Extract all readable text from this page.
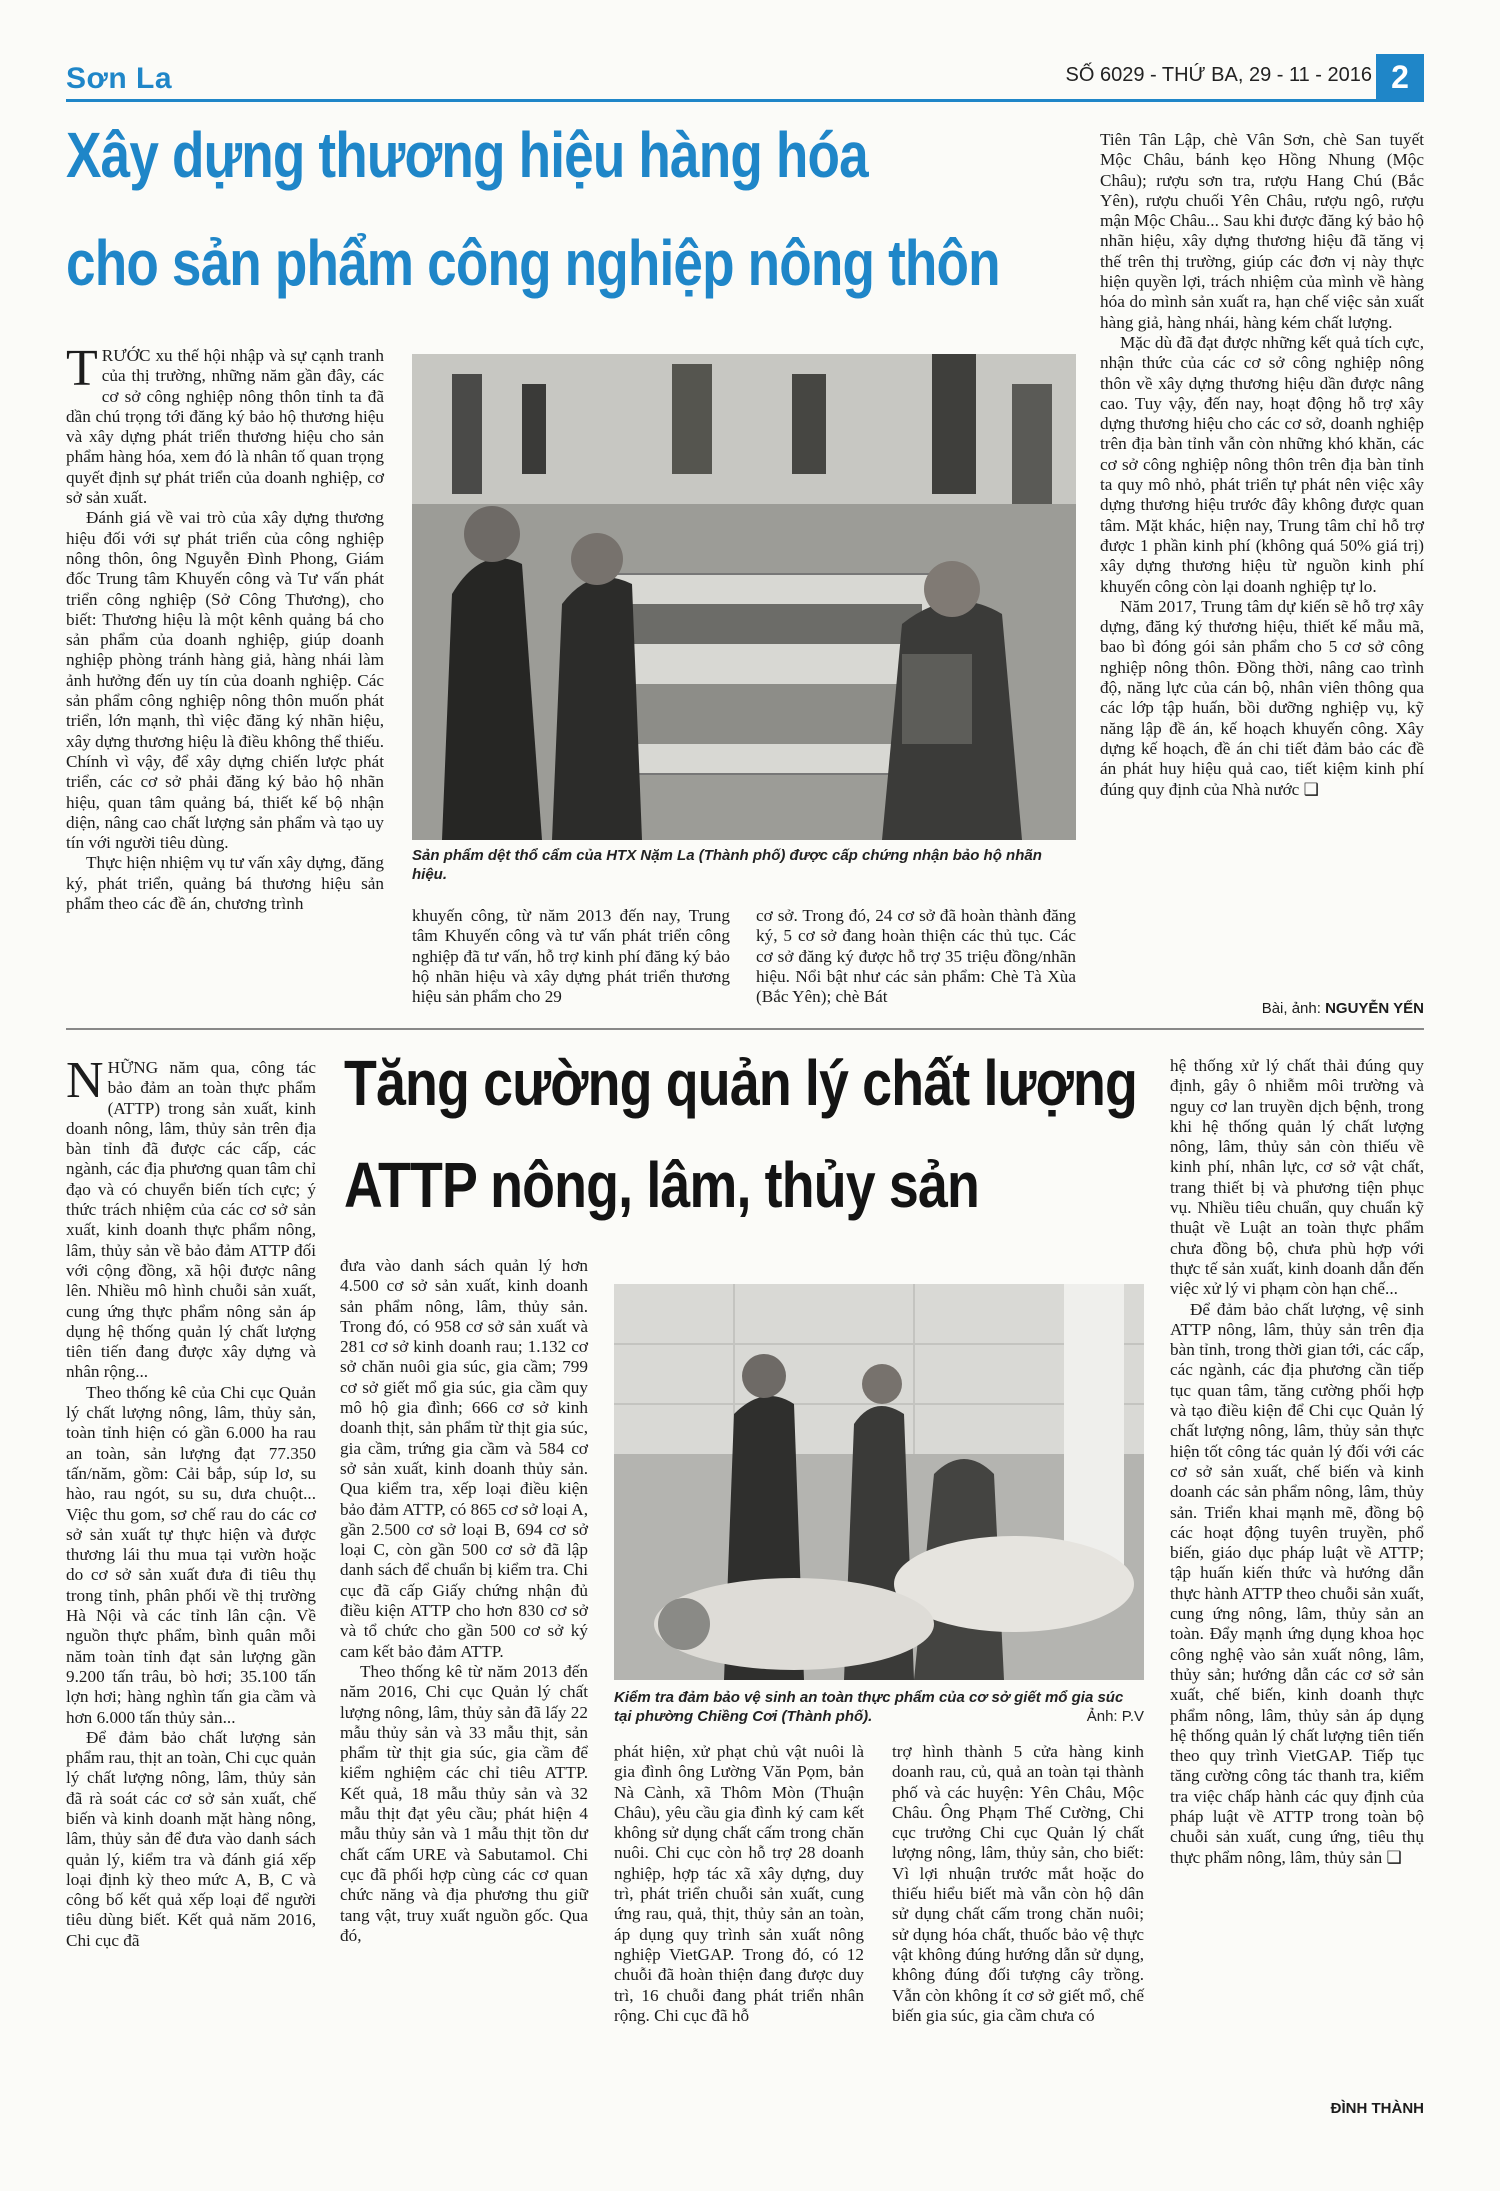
Sơn La	SỐ 6029 - THỨ BA, 29 - 11 - 2016 2
Xây dựng thương hiệu hàng hóa
cho sản phẩm công nghiệp nông thôn

TRƯỚC xu thế hội nhập và sự cạnh tranh của thị trường, những năm gần đây, các cơ sở công nghiệp nông thôn tỉnh ta đã dần chú trọng tới đăng ký bảo hộ thương hiệu và xây dựng phát triển thương hiệu cho sản phẩm hàng hóa, xem đó là nhân tố quan trọng quyết định sự phát triển của doanh nghiệp, cơ sở sản xuất.

Đánh giá về vai trò của xây dựng thương hiệu đối với sự phát triển của công nghiệp nông thôn, ông Nguyễn Đình Phong, Giám đốc Trung tâm Khuyến công và Tư vấn phát triển công nghiệp (Sở Công Thương), cho biết: Thương hiệu là một kênh quảng bá cho sản phẩm của doanh nghiệp, giúp doanh nghiệp phòng tránh hàng giả, hàng nhái làm ảnh hưởng đến uy tín của doanh nghiệp. Các sản phẩm công nghiệp nông thôn muốn phát triển, lớn mạnh, thì việc đăng ký nhãn hiệu, xây dựng thương hiệu là điều không thể thiếu. Chính vì vậy, để xây dựng chiến lược phát triển, các cơ sở phải đăng ký bảo hộ nhãn hiệu, quan tâm quảng bá, thiết kế bộ nhận diện, nâng cao chất lượng sản phẩm và tạo uy tín với người tiêu dùng.

Thực hiện nhiệm vụ tư vấn xây dựng, đăng ký, phát triển, quảng bá thương hiệu sản phẩm theo các đề án, chương trình

Sản phẩm dệt thổ cẩm của HTX Nặm La (Thành phố) được cấp chứng nhận bảo hộ nhãn hiệu.

khuyến công, từ năm 2013 đến nay, Trung tâm Khuyến công và tư vấn phát triển công nghiệp đã tư vấn, hỗ trợ kinh phí đăng ký bảo hộ nhãn hiệu và xây dựng phát triển thương hiệu sản phẩm cho 29

cơ sở. Trong đó, 24 cơ sở đã hoàn thành đăng ký, 5 cơ sở đang hoàn thiện các thủ tục. Các cơ sở đăng ký được hỗ trợ 35 triệu đồng/nhãn hiệu. Nổi bật như các sản phẩm: Chè Tà Xùa (Bắc Yên); chè Bát

Tiên Tân Lập, chè Vân Sơn, chè San tuyết Mộc Châu, bánh kẹo Hồng Nhung (Mộc Châu); rượu sơn tra, rượu Hang Chú (Bắc Yên), rượu chuối Yên Châu, rượu ngô, rượu mận Mộc Châu... Sau khi được đăng ký bảo hộ nhãn hiệu, xây dựng thương hiệu đã tăng vị thế trên thị trường, giúp các đơn vị này thực hiện quyền lợi, trách nhiệm của mình về hàng hóa do mình sản xuất ra, hạn chế việc sản xuất hàng giả, hàng nhái, hàng kém chất lượng.

Mặc dù đã đạt được những kết quả tích cực, nhận thức của các cơ sở công nghiệp nông thôn về xây dựng thương hiệu dần được nâng cao. Tuy vậy, đến nay, hoạt động hỗ trợ xây dựng thương hiệu cho các cơ sở, doanh nghiệp trên địa bàn tỉnh vẫn còn những khó khăn, các cơ sở công nghiệp nông thôn trên địa bàn tỉnh ta quy mô nhỏ, phát triển tự phát nên việc xây dựng thương hiệu trước đây không được quan tâm. Mặt khác, hiện nay, Trung tâm chỉ hỗ trợ được 1 phần kinh phí (không quá 50% giá trị) xây dựng thương hiệu từ nguồn kinh phí khuyến công còn lại doanh nghiệp tự lo.

Năm 2017, Trung tâm dự kiến sẽ hỗ trợ xây dựng, đăng ký thương hiệu, thiết kế mẫu mã, bao bì đóng gói sản phẩm cho 5 cơ sở công nghiệp nông thôn. Đồng thời, nâng cao trình độ, năng lực của cán bộ, nhân viên thông qua các lớp tập huấn, bồi dưỡng nghiệp vụ, kỹ năng lập đề án, kế hoạch khuyến công. Xây dựng kế hoạch, đề án chi tiết đảm bảo các đề án phát huy hiệu quả cao, tiết kiệm kinh phí đúng quy định của Nhà nước ❑

Bài, ảnh: NGUYỄN YẾN
Tăng cường quản lý chất lượng
ATTP nông, lâm, thủy sản

NHỮNG năm qua, công tác bảo đảm an toàn thực phẩm (ATTP) trong sản xuất, kinh doanh nông, lâm, thủy sản trên địa bàn tỉnh đã được các cấp, các ngành, các địa phương quan tâm chỉ đạo và có chuyển biến tích cực; ý thức trách nhiệm của các cơ sở sản xuất, kinh doanh thực phẩm nông, lâm, thủy sản về bảo đảm ATTP đối với cộng đồng, xã hội được nâng lên. Nhiều mô hình chuỗi sản xuất, cung ứng thực phẩm nông sản áp dụng hệ thống quản lý chất lượng tiên tiến đang được xây dựng và nhân rộng...

Theo thống kê của Chi cục Quản lý chất lượng nông, lâm, thủy sản, toàn tỉnh hiện có gần 6.000 ha rau an toàn, sản lượng đạt 77.350 tấn/năm, gồm: Cải bắp, súp lơ, su hào, rau ngót, su su, dưa chuột... Việc thu gom, sơ chế rau do các cơ sở sản xuất tự thực hiện và được thương lái thu mua tại vườn hoặc do cơ sở sản xuất đưa đi tiêu thụ trong tỉnh, phân phối về thị trường Hà Nội và các tỉnh lân cận. Về nguồn thực phẩm, bình quân mỗi năm toàn tỉnh đạt sản lượng gần 9.200 tấn trâu, bò hơi; 35.100 tấn lợn hơi; hàng nghìn tấn gia cầm và hơn 6.000 tấn thủy sản...

Để đảm bảo chất lượng sản phẩm rau, thịt an toàn, Chi cục quản lý chất lượng nông, lâm, thủy sản đã rà soát các cơ sở sản xuất, chế biến và kinh doanh mặt hàng nông, lâm, thủy sản để đưa vào danh sách quản lý, kiểm tra và đánh giá xếp loại định kỳ theo mức A, B, C và công bố kết quả xếp loại để người tiêu dùng biết. Kết quả năm 2016, Chi cục đã

đưa vào danh sách quản lý hơn 4.500 cơ sở sản xuất, kinh doanh sản phẩm nông, lâm, thủy sản. Trong đó, có 958 cơ sở sản xuất và 281 cơ sở kinh doanh rau; 1.132 cơ sở chăn nuôi gia súc, gia cầm; 799 cơ sở giết mổ gia súc, gia cầm quy mô hộ gia đình; 666 cơ sở kinh doanh thịt, sản phẩm từ thịt gia súc, gia cầm, trứng gia cầm và 584 cơ sở sản xuất, kinh doanh thủy sản. Qua kiểm tra, xếp loại điều kiện bảo đảm ATTP, có 865 cơ sở loại A, gần 2.500 cơ sở loại B, 694 cơ sở loại C, còn gần 500 cơ sở đã lập danh sách để chuẩn bị kiểm tra. Chi cục đã cấp Giấy chứng nhận đủ điều kiện ATTP cho hơn 830 cơ sở và tổ chức cho gần 500 cơ sở ký cam kết bảo đảm ATTP.

Theo thống kê từ năm 2013 đến năm 2016, Chi cục Quản lý chất lượng nông, lâm, thủy sản đã lấy 22 mẫu thủy sản và 33 mẫu thịt, sản phẩm từ thịt gia súc, gia cầm để kiểm nghiệm các chỉ tiêu ATTP. Kết quả, 18 mẫu thủy sản và 32 mẫu thịt đạt yêu cầu; phát hiện 4 mẫu thủy sản và 1 mẫu thịt tồn dư chất cấm URE và Sabutamol. Chi cục đã phối hợp cùng các cơ quan chức năng và địa phương thu giữ tang vật, truy xuất nguồn gốc. Qua đó,

Kiểm tra đảm bảo vệ sinh an toàn thực phẩm của cơ sở giết mổ gia súc tại phường Chiềng Cơi (Thành phố).	Ảnh: P.V

phát hiện, xử phạt chủ vật nuôi là gia đình ông Lường Văn Pọm, bản Nà Cành, xã Thôm Mòn (Thuận Châu), yêu cầu gia đình ký cam kết không sử dụng chất cấm trong chăn nuôi. Chi cục còn hỗ trợ 28 doanh nghiệp, hợp tác xã xây dựng, duy trì, phát triển chuỗi sản xuất, cung ứng rau, quả, thịt, thủy sản an toàn, áp dụng quy trình sản xuất nông nghiệp VietGAP. Trong đó, có 12 chuỗi đã hoàn thiện đang được duy trì, 16 chuỗi đang phát triển nhân rộng. Chi cục đã hỗ

trợ hình thành 5 cửa hàng kinh doanh rau, củ, quả an toàn tại thành phố và các huyện: Yên Châu, Mộc Châu. Ông Phạm Thế Cường, Chi cục trưởng Chi cục Quản lý chất lượng nông, lâm, thủy sản, cho biết: Vì lợi nhuận trước mắt hoặc do thiếu hiểu biết mà vẫn còn hộ dân sử dụng chất cấm trong chăn nuôi; sử dụng hóa chất, thuốc bảo vệ thực vật không đúng hướng dẫn sử dụng, không đúng đối tượng cây trồng. Vẫn còn không ít cơ sở giết mổ, chế biến gia súc, gia cầm chưa có

hệ thống xử lý chất thải đúng quy định, gây ô nhiễm môi trường và nguy cơ lan truyền dịch bệnh, trong khi hệ thống quản lý chất lượng nông, lâm, thủy sản còn thiếu về kinh phí, nhân lực, cơ sở vật chất, trang thiết bị và phương tiện phục vụ. Nhiều tiêu chuẩn, quy chuẩn kỹ thuật về Luật an toàn thực phẩm chưa đồng bộ, chưa phù hợp với thực tế sản xuất, kinh doanh dẫn đến việc xử lý vi phạm còn hạn chế...

Để đảm bảo chất lượng, vệ sinh ATTP nông, lâm, thủy sản trên địa bàn tỉnh, trong thời gian tới, các cấp, các ngành, các địa phương cần tiếp tục quan tâm, tăng cường phối hợp và tạo điều kiện để Chi cục Quản lý chất lượng nông, lâm, thủy sản thực hiện tốt công tác quản lý đối với các cơ sở sản xuất, chế biến và kinh doanh các sản phẩm nông, lâm, thủy sản. Triển khai mạnh mẽ, đồng bộ các hoạt động tuyên truyền, phổ biến, giáo dục pháp luật về ATTP; tập huấn kiến thức và hướng dẫn thực hành ATTP theo chuỗi sản xuất, cung ứng nông, lâm, thủy sản an toàn. Đẩy mạnh ứng dụng khoa học công nghệ vào sản xuất nông, lâm, thủy sản; hướng dẫn các cơ sở sản xuất, chế biến, kinh doanh thực phẩm nông, lâm, thủy sản áp dụng hệ thống quản lý chất lượng tiên tiến theo quy trình VietGAP. Tiếp tục tăng cường công tác thanh tra, kiểm tra việc chấp hành các quy định của pháp luật về ATTP trong toàn bộ chuỗi sản xuất, cung ứng, tiêu thụ thực phẩm nông, lâm, thủy sản ❑

ĐÌNH THÀNH
